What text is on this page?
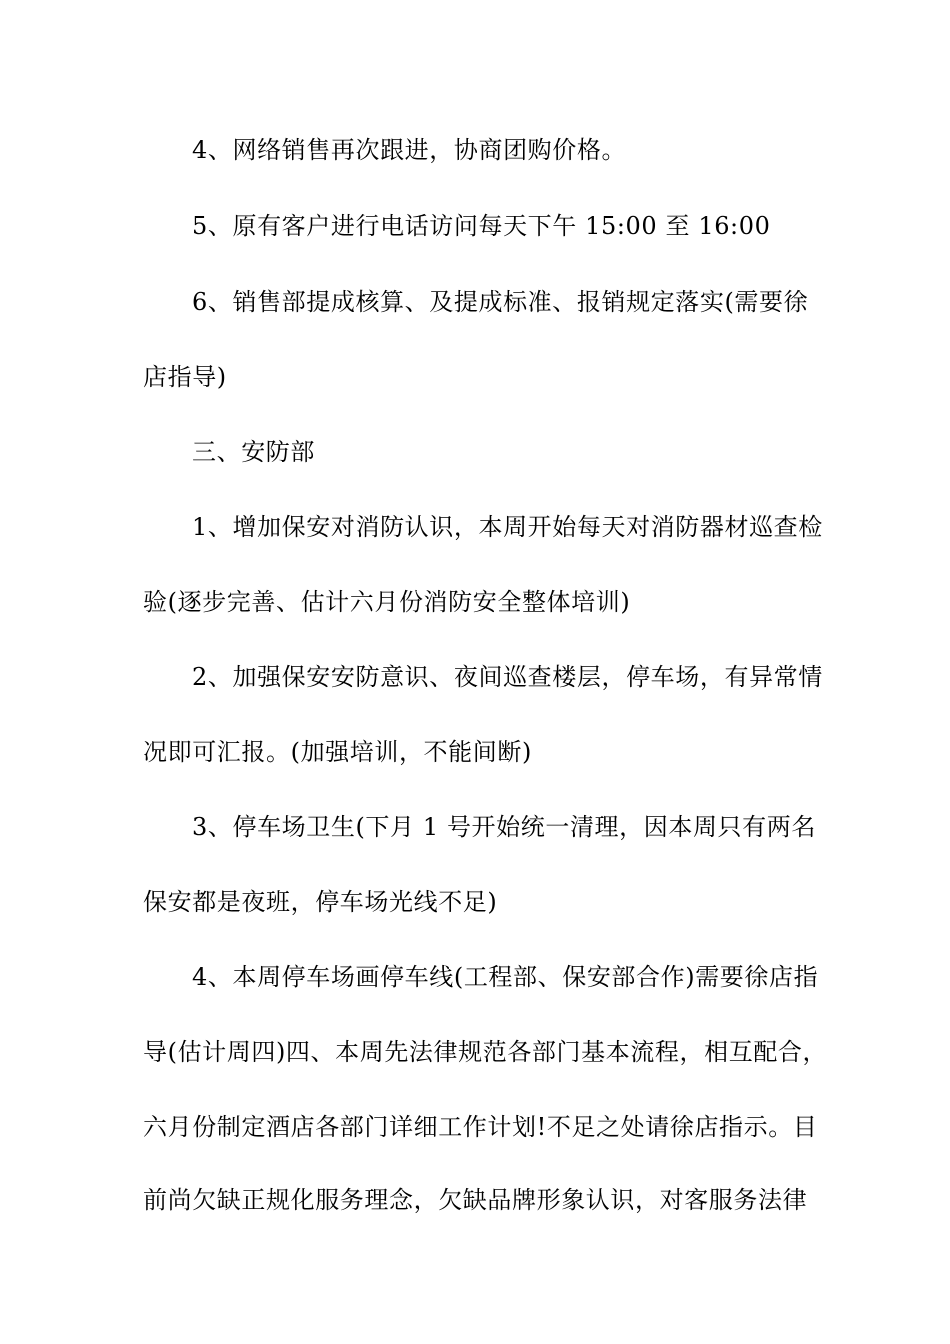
4、网络销售再次跟进，协商团购价格。
5、原有客户进行电话访问每天下午 15:00 至 16:00
6、销售部提成核算、及提成标准、报销规定落实(需要徐
店指导)
三、安防部
1、增加保安对消防认识，本周开始每天对消防器材巡查检
验(逐步完善、估计六月份消防安全整体培训)
2、加强保安安防意识、夜间巡查楼层，停车场，有异常情
况即可汇报。(加强培训，不能间断)
3、停车场卫生(下月 1 号开始统一清理，因本周只有两名
保安都是夜班，停车场光线不足)
4、本周停车场画停车线(工程部、保安部合作)需要徐店指
导(估计周四)四、本周先法律规范各部门基本流程，相互配合，
六月份制定酒店各部门详细工作计划!不足之处请徐店指示。目
前尚欠缺正规化服务理念，欠缺品牌形象认识，对客服务法律
